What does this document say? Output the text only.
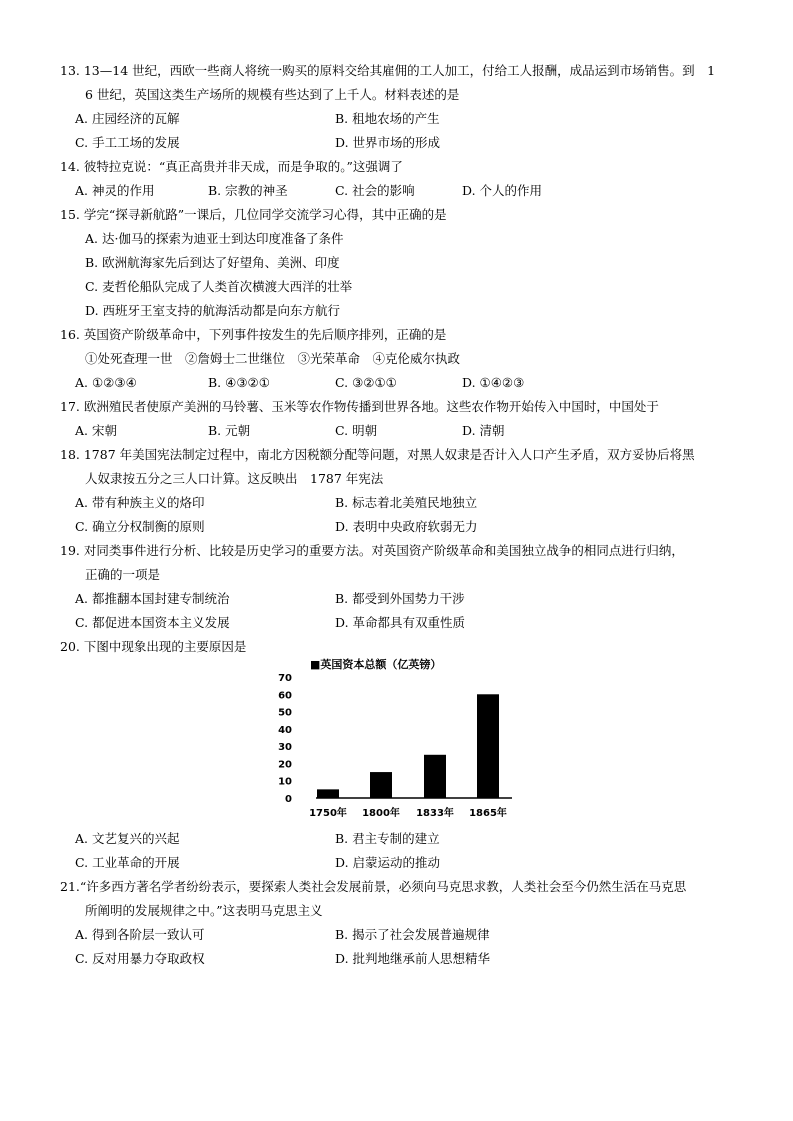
13. 13—14 世纪，西欧一些商人将统一购买的原料交给其雇佣的工人加工，付给工人报酬，成品运到市场销售。到　1
6 世纪，英国这类生产场所的规模有些达到了上千人。材料表述的是
A. 庄园经济的瓦解	B. 租地农场的产生
C. 手工工场的发展	D. 世界市场的形成
14. 彼特拉克说：“真正高贵并非天成，而是争取的。”这强调了
A. 神灵的作用	B. 宗教的神圣	C. 社会的影响	D. 个人的作用
15. 学完“探寻新航路”一课后，几位同学交流学习心得，其中正确的是
A. 达·伽马的探索为迪亚士到达印度准备了条件
B. 欧洲航海家先后到达了好望角、美洲、印度
C. 麦哲伦船队完成了人类首次横渡大西洋的壮举
D. 西班牙王室支持的航海活动都是向东方航行
16. 英国资产阶级革命中，下列事件按发生的先后顺序排列，正确的是
①处死查理一世　②詹姆士二世继位　③光荣革命　④克伦威尔执政
A. ①②③④	B. ④③②①	C. ③②①①	D. ①④②③
17. 欧洲殖民者使原产美洲的马铃薯、玉米等农作物传播到世界各地。这些农作物开始传入中国时，中国处于
A. 宋朝	B. 元朝	C. 明朝	D. 清朝
18. 1787 年美国宪法制定过程中，南北方因税额分配等问题，对黑人奴隶是否计入人口产生矛盾，双方妥协后将黑
人奴隶按五分之三人口计算。这反映出　1787 年宪法
A. 带有种族主义的烙印	B. 标志着北美殖民地独立
C. 确立分权制衡的原则	D. 表明中央政府软弱无力
19. 对同类事件进行分析、比较是历史学习的重要方法。对英国资产阶级革命和美国独立战争的相同点进行归纳，
正确的一项是
A. 都推翻本国封建专制统治	B. 都受到外国势力干涉
C. 都促进本国资本主义发展	D. 革命都具有双重性质
20. 下图中现象出现的主要原因是
■英国资本总额（亿英镑）
0
10
20
30
40
50
60
70
1750年 1800年 1833年 1865年
A. 文艺复兴的兴起	B. 君主专制的建立
C. 工业革命的开展	D. 启蒙运动的推动
21.“许多西方著名学者纷纷表示，要探索人类社会发展前景，必须向马克思求教，人类社会至今仍然生活在马克思
所阐明的发展规律之中。”这表明马克思主义
A. 得到各阶层一致认可	B. 揭示了社会发展普遍规律
C. 反对用暴力夺取政权	D. 批判地继承前人思想精华
